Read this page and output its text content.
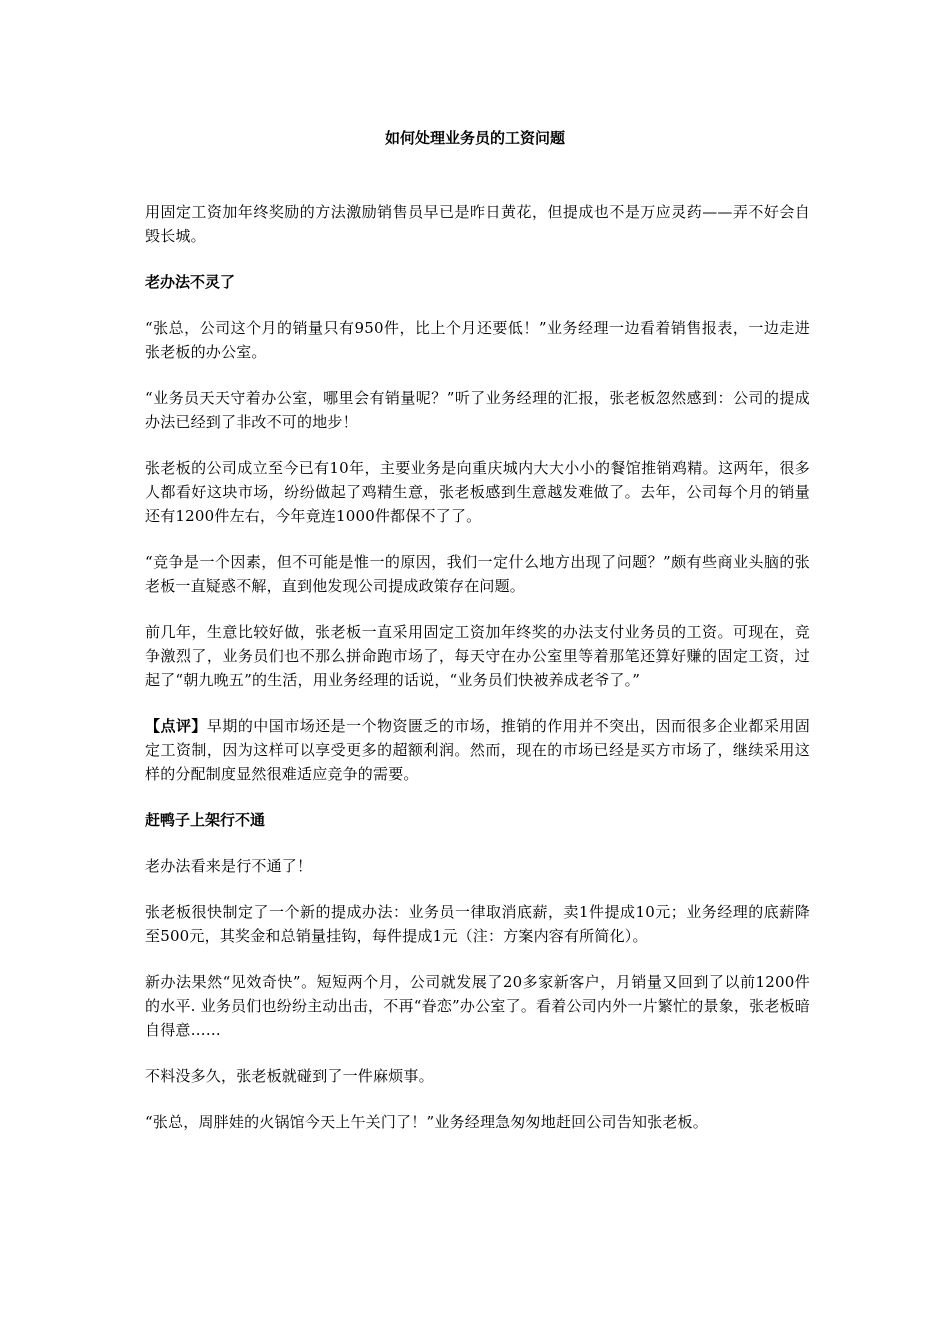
如何处理业务员的工资问题

用固定工资加年终奖励的方法激励销售员早已是昨日黄花，但提成也不是万应灵药——弄不好会自毁长城。

老办法不灵了

“张总，公司这个月的销量只有950件，比上个月还要低！”业务经理一边看着销售报表，一边走进张老板的办公室。

“业务员天天守着办公室，哪里会有销量呢？”听了业务经理的汇报，张老板忽然感到：公司的提成办法已经到了非改不可的地步！

张老板的公司成立至今已有10年，主要业务是向重庆城内大大小小的餐馆推销鸡精。这两年，很多人都看好这块市场，纷纷做起了鸡精生意，张老板感到生意越发难做了。去年，公司每个月的销量还有1200件左右，今年竟连1000件都保不了了。

“竞争是一个因素，但不可能是惟一的原因，我们一定什么地方出现了问题？”颇有些商业头脑的张老板一直疑惑不解，直到他发现公司提成政策存在问题。

前几年，生意比较好做，张老板一直采用固定工资加年终奖的办法支付业务员的工资。可现在，竞争激烈了，业务员们也不那么拼命跑市场了，每天守在办公室里等着那笔还算好赚的固定工资，过起了“朝九晚五”的生活，用业务经理的话说，“业务员们快被养成老爷了。”

【点评】早期的中国市场还是一个物资匮乏的市场，推销的作用并不突出，因而很多企业都采用固定工资制，因为这样可以享受更多的超额利润。然而，现在的市场已经是买方市场了，继续采用这样的分配制度显然很难适应竞争的需要。

赶鸭子上架行不通

老办法看来是行不通了！

张老板很快制定了一个新的提成办法：业务员一律取消底薪，卖1件提成10元；业务经理的底薪降至500元，其奖金和总销量挂钩，每件提成1元（注：方案内容有所简化）。

新办法果然“见效奇快”。短短两个月，公司就发展了20多家新客户，月销量又回到了以前1200件的水平. 业务员们也纷纷主动出击，不再“眷恋”办公室了。看着公司内外一片繁忙的景象，张老板暗自得意……

不料没多久，张老板就碰到了一件麻烦事。

“张总，周胖娃的火锅馆今天上午关门了！”业务经理急匆匆地赶回公司告知张老板。
